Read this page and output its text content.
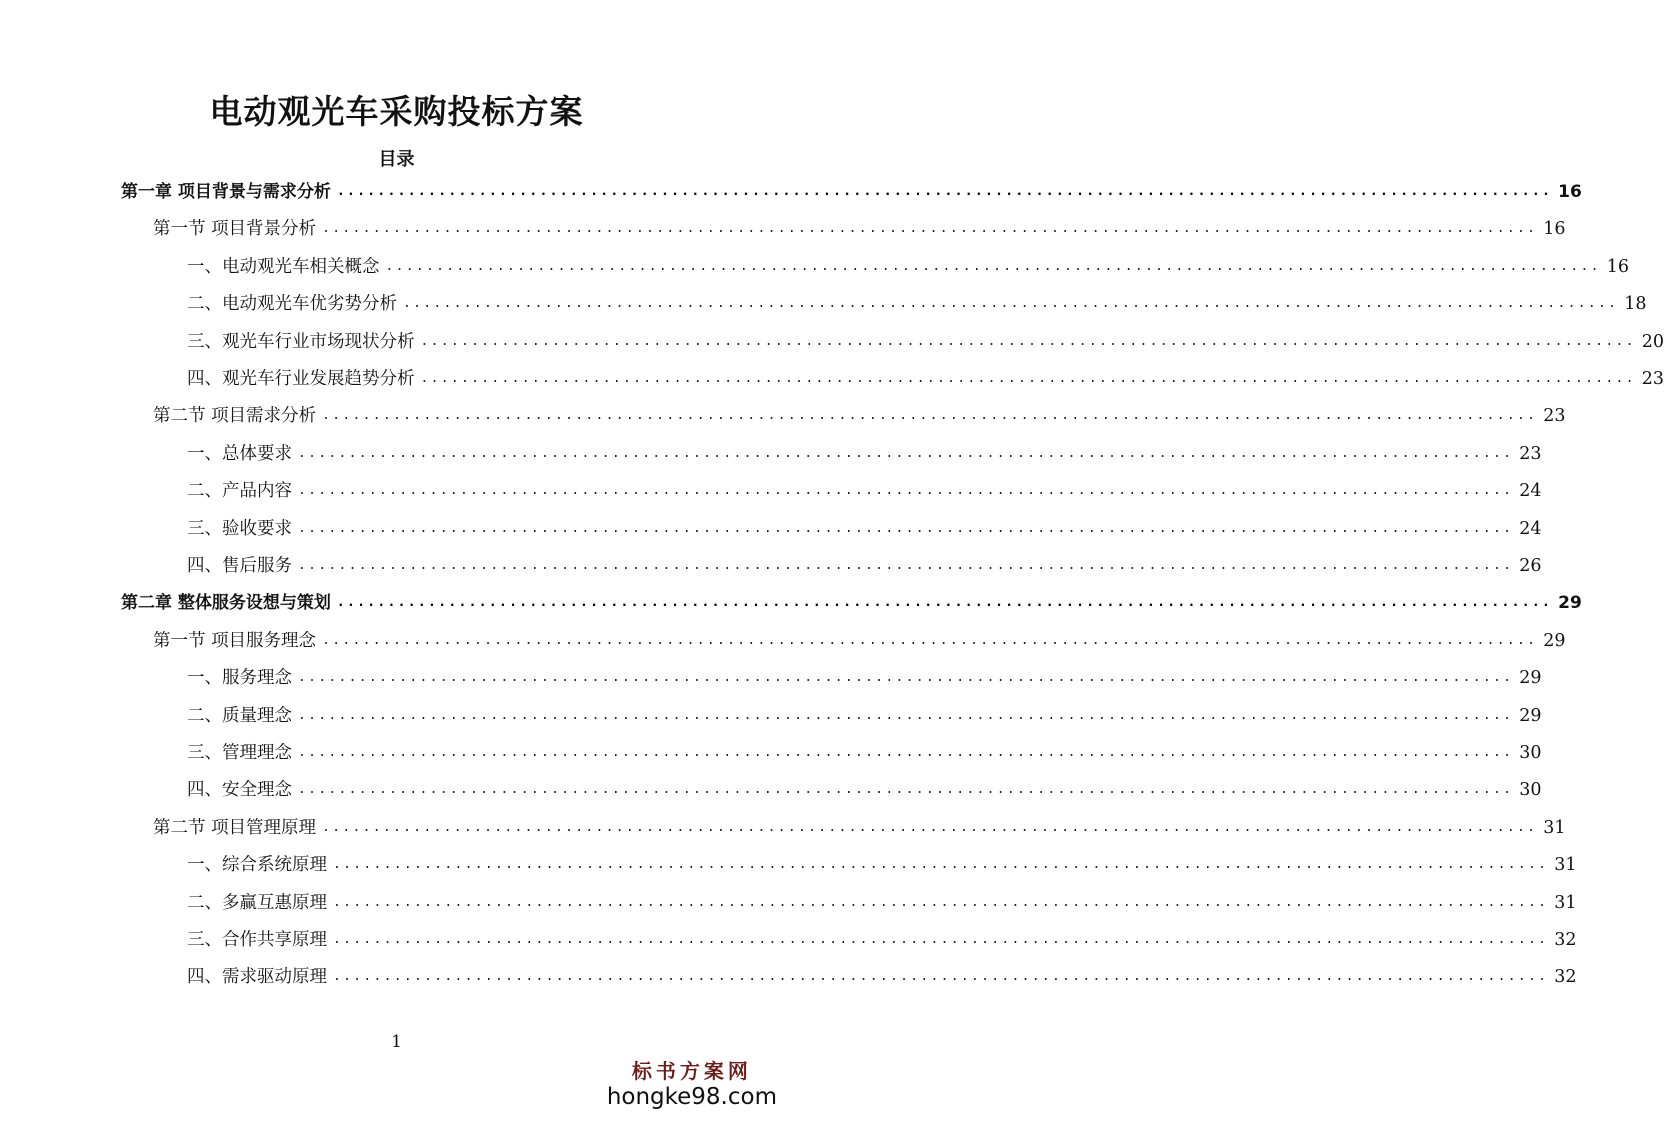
电动观光车采购投标方案
目录
第一章 项目背景与需求分析 ........................................................................................................................ 16
第一节 项目背景分析 ........................................................................................................................ 16
一、电动观光车相关概念 ........................................................................................................................ 16
二、电动观光车优劣势分析 ........................................................................................................................ 18
三、观光车行业市场现状分析 ........................................................................................................................ 20
四、观光车行业发展趋势分析 ........................................................................................................................ 23
第二节 项目需求分析 ........................................................................................................................ 23
一、总体要求 ........................................................................................................................ 23
二、产品内容 ........................................................................................................................ 24
三、验收要求 ........................................................................................................................ 24
四、售后服务 ........................................................................................................................ 26
第二章 整体服务设想与策划 ........................................................................................................................ 29
第一节 项目服务理念 ........................................................................................................................ 29
一、服务理念 ........................................................................................................................ 29
二、质量理念 ........................................................................................................................ 29
三、管理理念 ........................................................................................................................ 30
四、安全理念 ........................................................................................................................ 30
第二节 项目管理原理 ........................................................................................................................ 31
一、综合系统原理 ........................................................................................................................ 31
二、多赢互惠原理 ........................................................................................................................ 31
三、合作共享原理 ........................................................................................................................ 32
四、需求驱动原理 ........................................................................................................................ 32
1
标书方案网
hongke98.com
